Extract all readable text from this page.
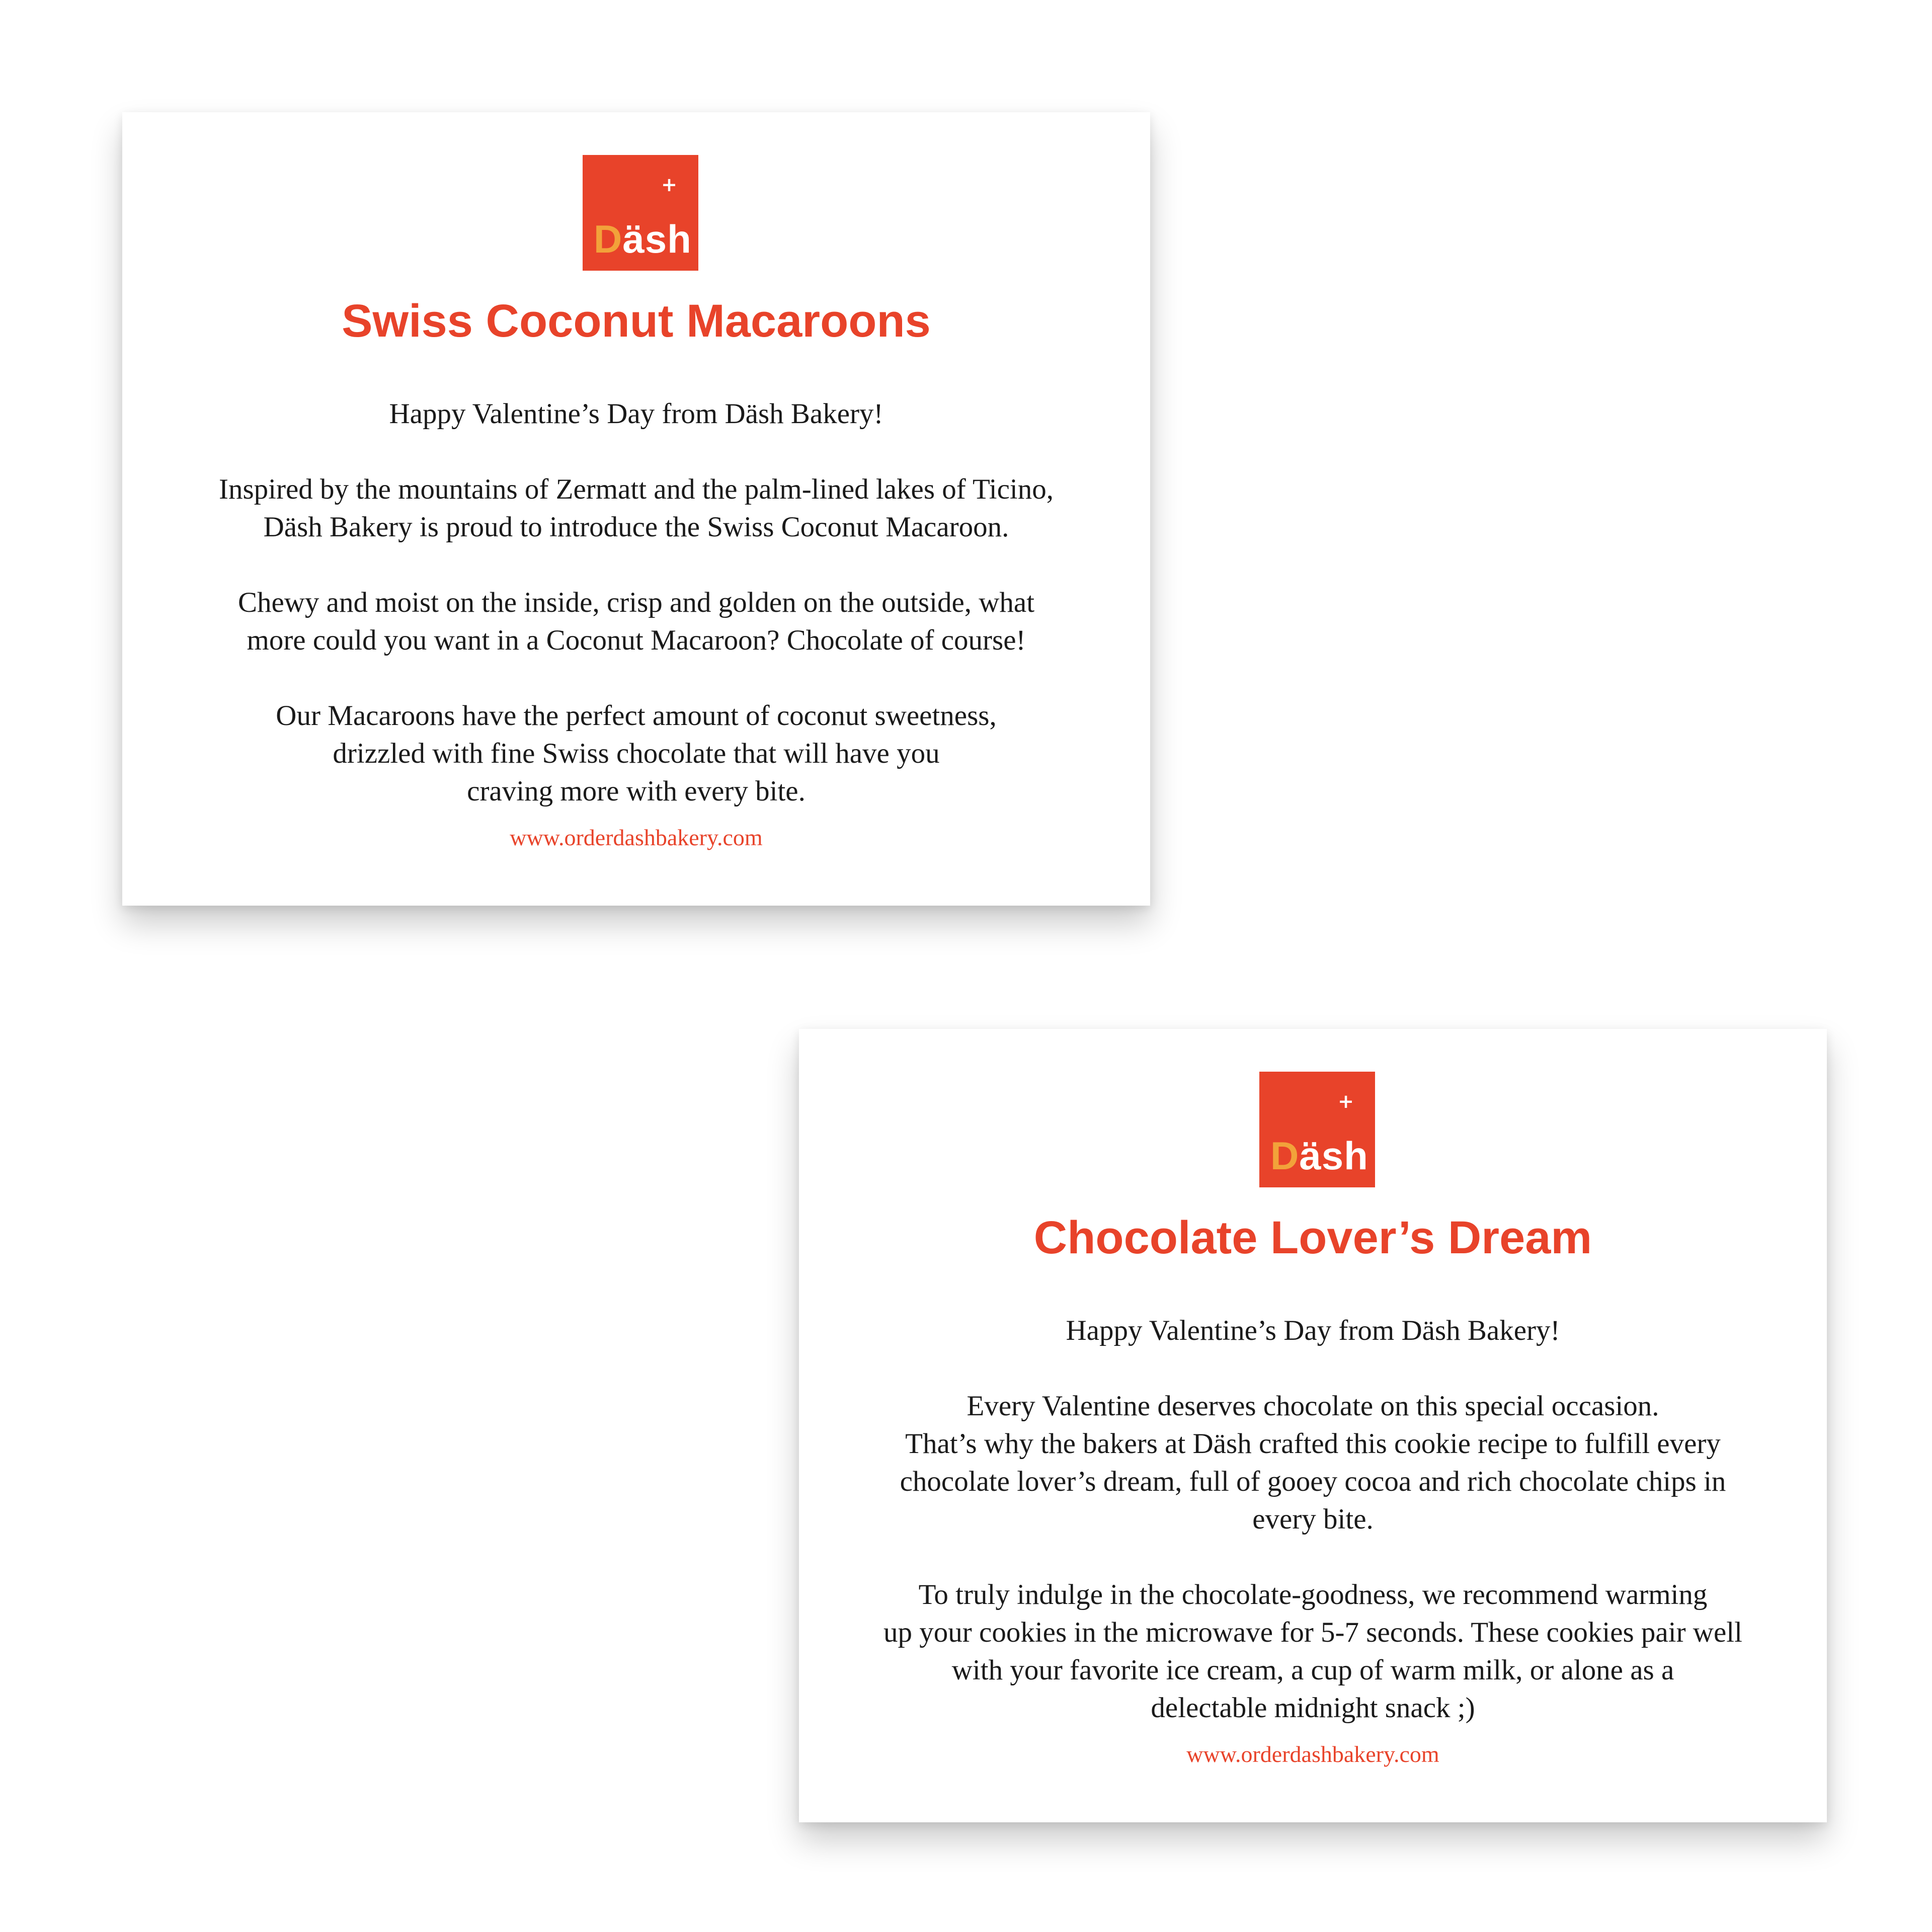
+
Däsh
Swiss Coconut Macaroons
Happy Valentine’s Day from Däsh Bakery!

Inspired by the mountains of Zermatt and the palm-lined lakes of Ticino,
Däsh Bakery is proud to introduce the Swiss Coconut Macaroon.

Chewy and moist on the inside, crisp and golden on the outside, what
more could you want in a Coconut Macaroon? Chocolate of course!

Our Macaroons have the perfect amount of coconut sweetness,
drizzled with fine Swiss chocolate that will have you
craving more with every bite.

www.orderdashbakery.com
+
Däsh
Chocolate Lover’s Dream
Happy Valentine’s Day from Däsh Bakery!

Every Valentine deserves chocolate on this special occasion.
That’s why the bakers at Däsh crafted this cookie recipe to fulfill every
chocolate lover’s dream, full of gooey cocoa and rich chocolate chips in
every bite.

To truly indulge in the chocolate-goodness, we recommend warming
up your cookies in the microwave for 5-7 seconds. These cookies pair well
with your favorite ice cream, a cup of warm milk, or alone as a
delectable midnight snack ;)

www.orderdashbakery.com
